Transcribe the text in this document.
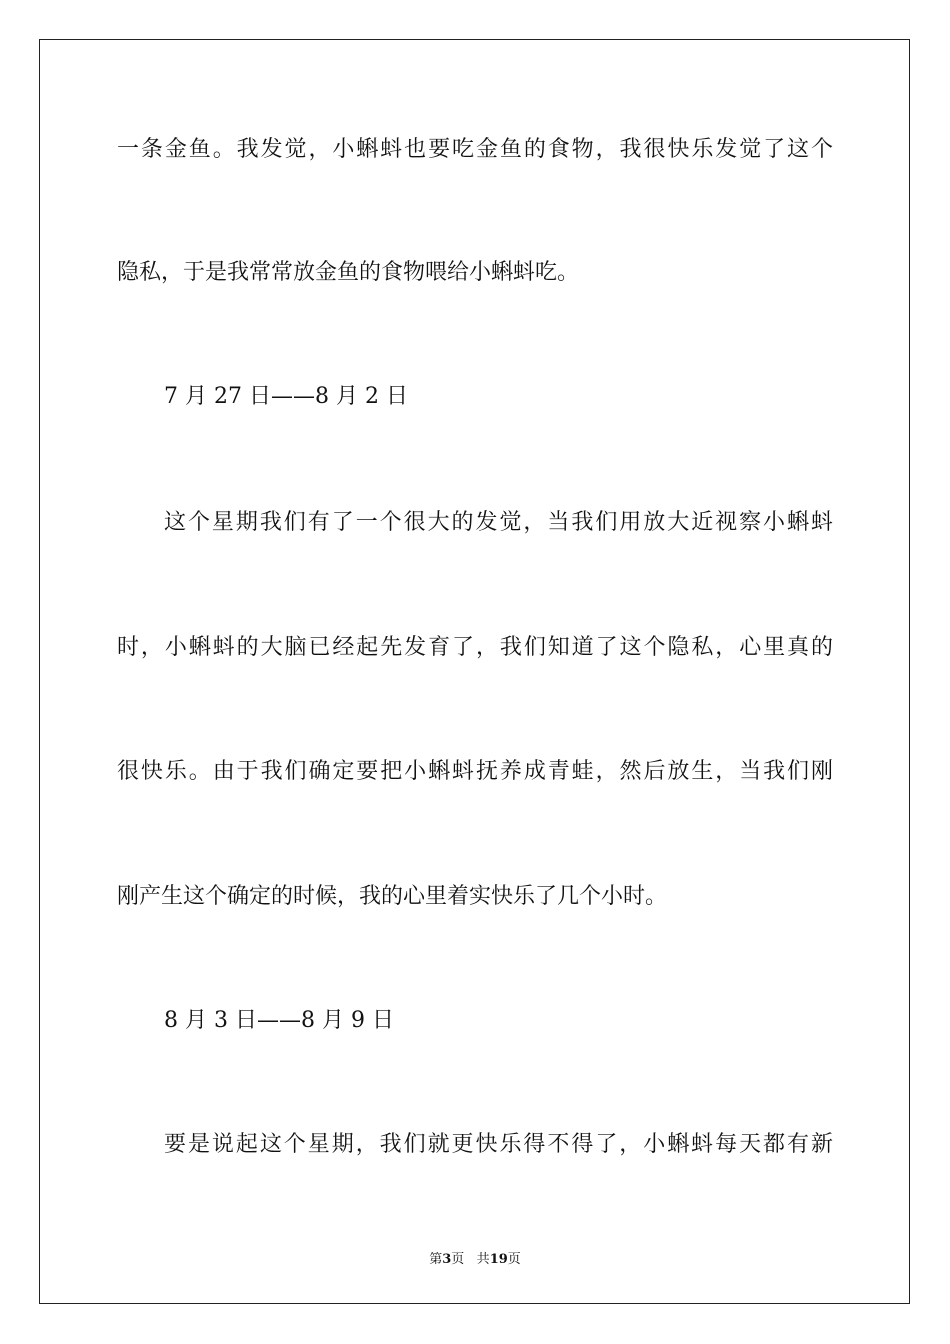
一条金鱼。我发觉，小蝌蚪也要吃金鱼的食物，我很快乐发觉了这个

隐私，于是我常常放金鱼的食物喂给小蝌蚪吃。

7 月 27 日——8 月 2 日

这个星期我们有了一个很大的发觉，当我们用放大近视察小蝌蚪

时，小蝌蚪的大脑已经起先发育了，我们知道了这个隐私，心里真的

很快乐。由于我们确定要把小蝌蚪抚养成青蛙，然后放生，当我们刚

刚产生这个确定的时候，我的心里着实快乐了几个小时。

8 月 3 日——8 月 9 日

要是说起这个星期，我们就更快乐得不得了，小蝌蚪每天都有新

第3页 共19页
